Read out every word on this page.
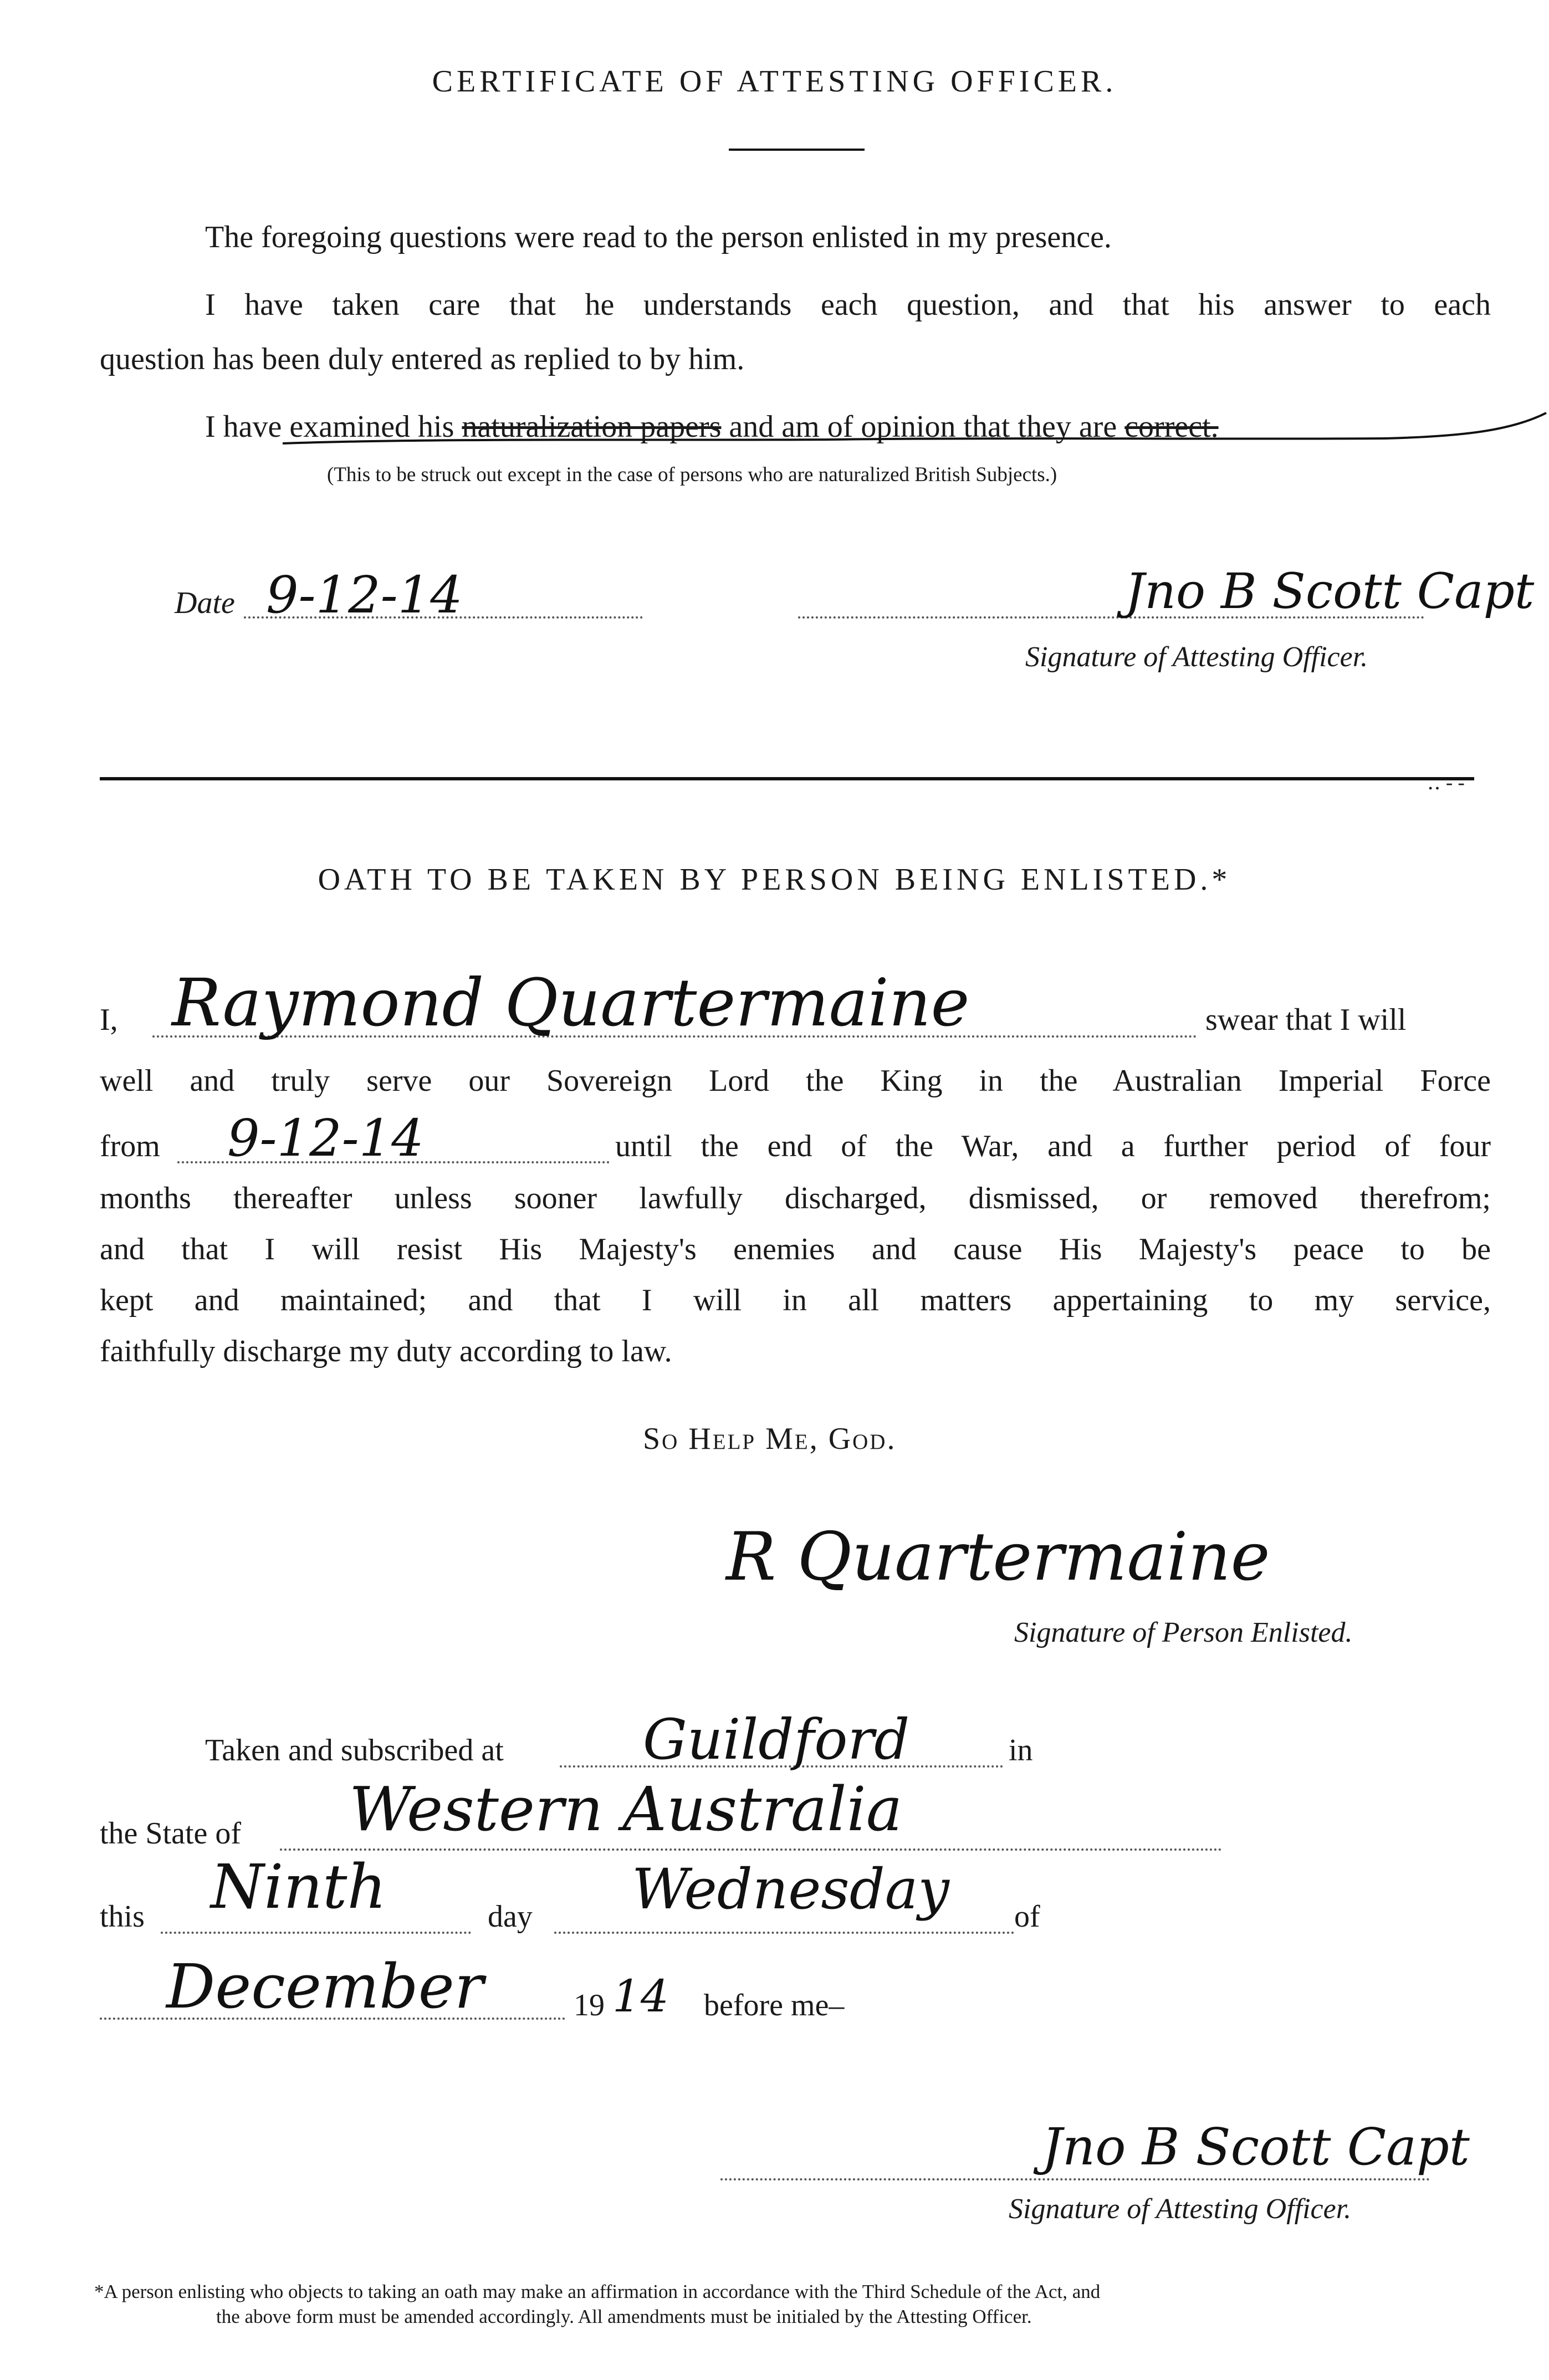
CERTIFICATE OF ATTESTING OFFICER.
The foregoing questions were read to the person enlisted in my presence.
I have taken care that he understands each question, and that his answer to each
question has been duly entered as replied to by him.
I have examined his naturalization papers and am of opinion that they are correct.
(This to be struck out except in the case of persons who are naturalized British Subjects.)
Date 9-12-14	Jno B Scott Capt
Signature of Attesting Officer.
‥ ‑ ‑
OATH TO BE TAKEN BY PERSON BEING ENLISTED.*
I, Raymond Quartermaine	swear that I will
well and truly serve our Sovereign Lord the King in the Australian Imperial Force
from 9-12-14	until the end of the War, and a further period of four
months thereafter unless sooner lawfully discharged, dismissed, or removed therefrom;
and that I will resist His Majesty's enemies and cause His Majesty's peace to be
kept and maintained; and that I will in all matters appertaining to my service,
faithfully discharge my duty according to law.
So Help Me, God.
R Quartermaine
Signature of Person Enlisted.
Taken and subscribed at	Guildford	in
the State of Western Australia
this Ninth	day Wednesday of
December	19 14 before me–
Jno B Scott Capt
Signature of Attesting Officer.
*A person enlisting who objects to taking an oath may make an affirmation in accordance with the Third Schedule of the Act, and
the above form must be amended accordingly. All amendments must be initialed by the Attesting Officer.
